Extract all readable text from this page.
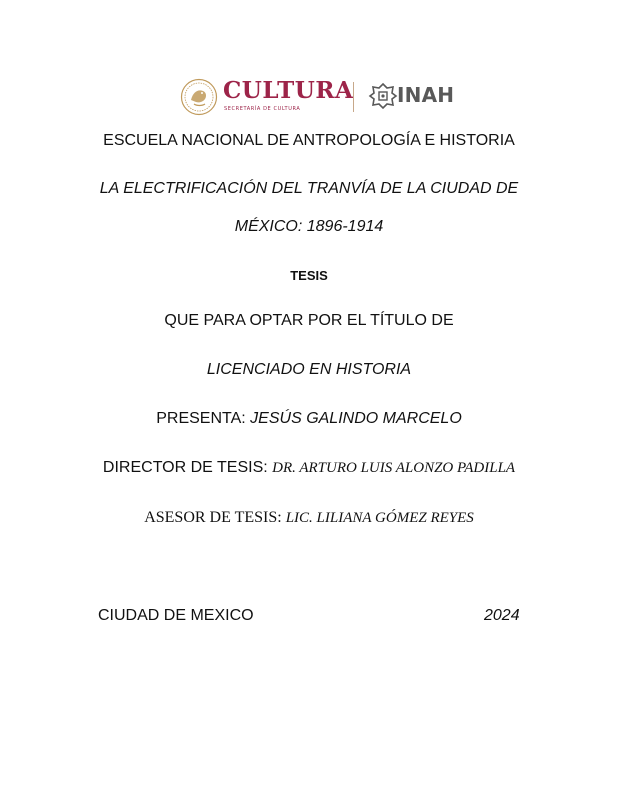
CULTURA
SECRETARÍA DE CULTURA
INAH
ESCUELA NACIONAL DE ANTROPOLOGÍA E HISTORIA
LA ELECTRIFICACIÓN DEL TRANVÍA DE LA CIUDAD DE
MÉXICO: 1896-1914
TESIS
QUE PARA OPTAR POR EL TÍTULO DE
LICENCIADO EN HISTORIA
PRESENTA: JESÚS GALINDO MARCELO
DIRECTOR DE TESIS: DR. ARTURO LUIS ALONZO PADILLA
ASESOR DE TESIS: LIC. LILIANA GÓMEZ REYES
CIUDAD DE MEXICO	2024
